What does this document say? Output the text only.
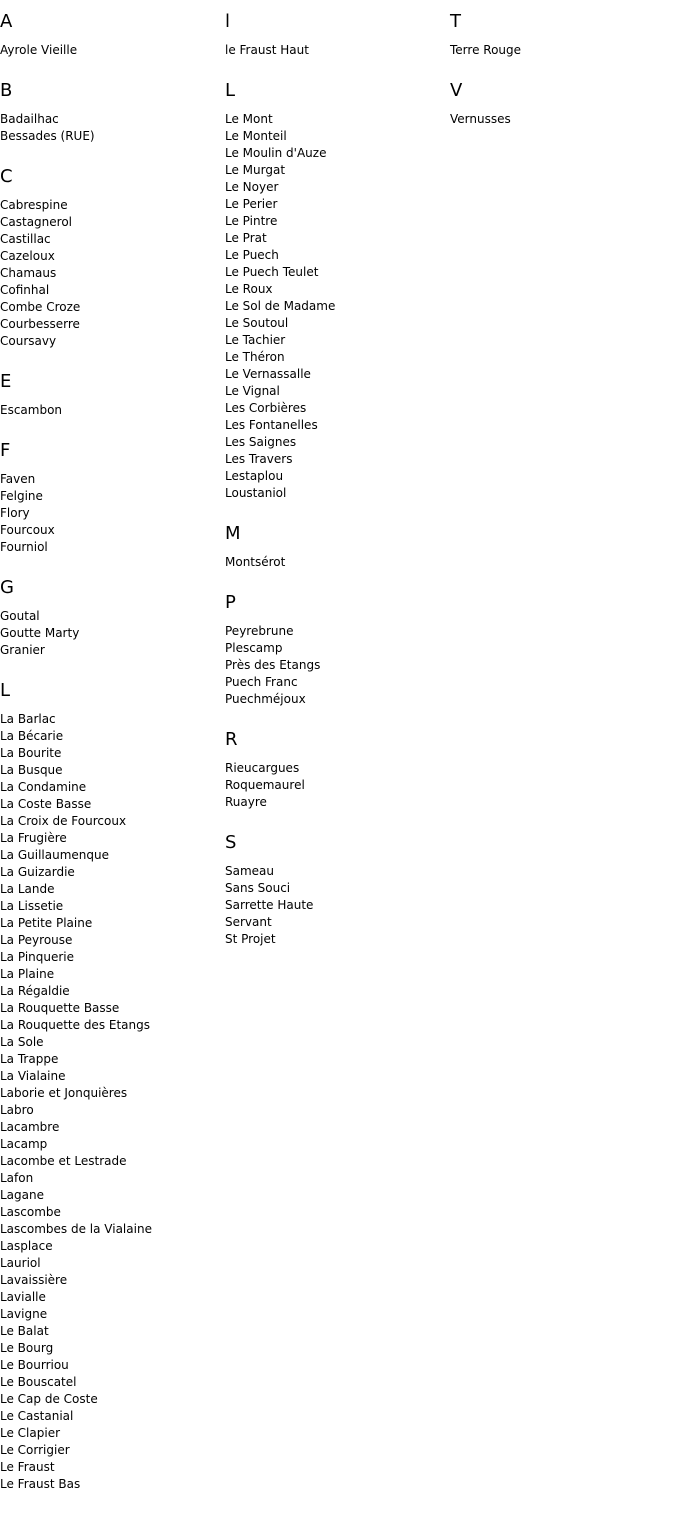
A
Ayrole Vieille
B
Badailhac
Bessades (RUE)
C
Cabrespine
Castagnerol
Castillac
Cazeloux
Chamaus
Cofinhal
Combe Croze
Courbesserre
Coursavy
E
Escambon
F
Faven
Felgine
Flory
Fourcoux
Fourniol
G
Goutal
Goutte Marty
Granier
L
La Barlac
La Bécarie
La Bourite
La Busque
La Condamine
La Coste Basse
La Croix de Fourcoux
La Frugière
La Guillaumenque
La Guizardie
La Lande
La Lissetie
La Petite Plaine
La Peyrouse
La Pinquerie
La Plaine
La Régaldie
La Rouquette Basse
La Rouquette des Etangs
La Sole
La Trappe
La Vialaine
Laborie et Jonquières
Labro
Lacambre
Lacamp
Lacombe et Lestrade
Lafon
Lagane
Lascombe
Lascombes de la Vialaine
Lasplace
Lauriol
Lavaissière
Lavialle
Lavigne
Le Balat
Le Bourg
Le Bourriou
Le Bouscatel
Le Cap de Coste
Le Castanial
Le Clapier
Le Corrigier
Le Fraust
Le Fraust Bas
l
le Fraust Haut
L
Le Mont
Le Monteil
Le Moulin d'Auze
Le Murgat
Le Noyer
Le Perier
Le Pintre
Le Prat
Le Puech
Le Puech Teulet
Le Roux
Le Sol de Madame
Le Soutoul
Le Tachier
Le Théron
Le Vernassalle
Le Vignal
Les Corbières
Les Fontanelles
Les Saignes
Les Travers
Lestaplou
Loustaniol
M
Montsérot
P
Peyrebrune
Plescamp
Près des Etangs
Puech Franc
Puechméjoux
R
Rieucargues
Roquemaurel
Ruayre
S
Sameau
Sans Souci
Sarrette Haute
Servant
St Projet
T
Terre Rouge
V
Vernusses
